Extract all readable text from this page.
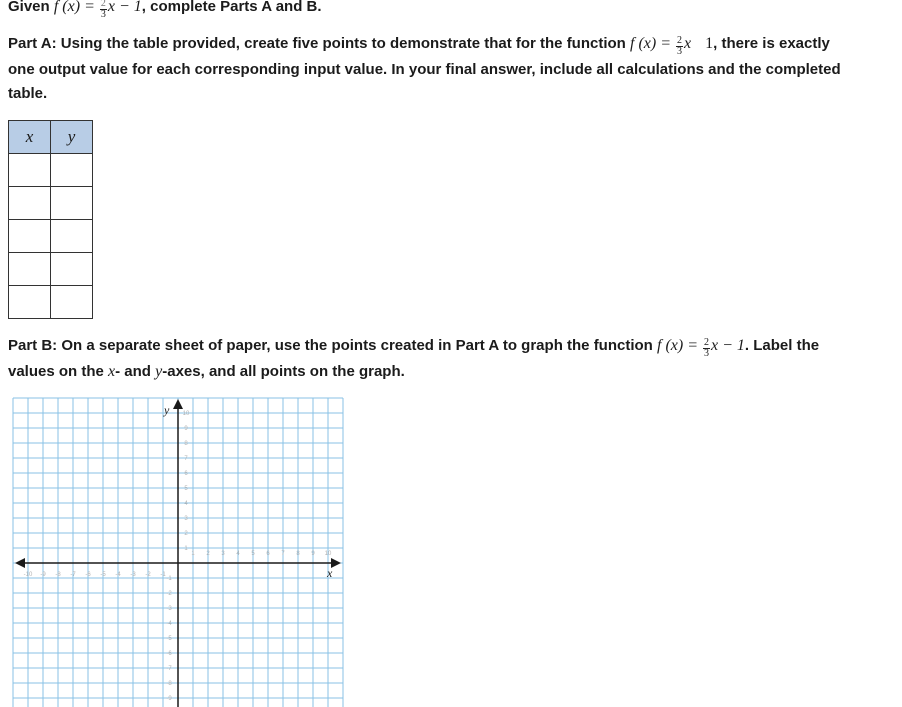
Given f $(x) = \frac{2}{3}$ x − 1, complete Parts A and B.
Part A: Using the table provided, create five points to demonstrate that for the function f $(x) = \frac{2}{3}$ x 1, there is exactly
one output value for each corresponding input value. In your final answer, include all calculations and the completed
table.
x	y

Part B: On a separate sheet of paper, use the points created in Part A to graph the function f $(x) = \frac{2}{3}$ x − 1. Label the
values on the x- and y-axes, and all points on the graph.
x
y
1 2 3 4 5 6 7 8 9 10
-10 -9 -8 -7 -6 -5 -4 -3 -2 -1
1
2
3
4
5
6
7
8
9
10
-1
-2
-3
-4
-5
-6
-7
-8
-9
